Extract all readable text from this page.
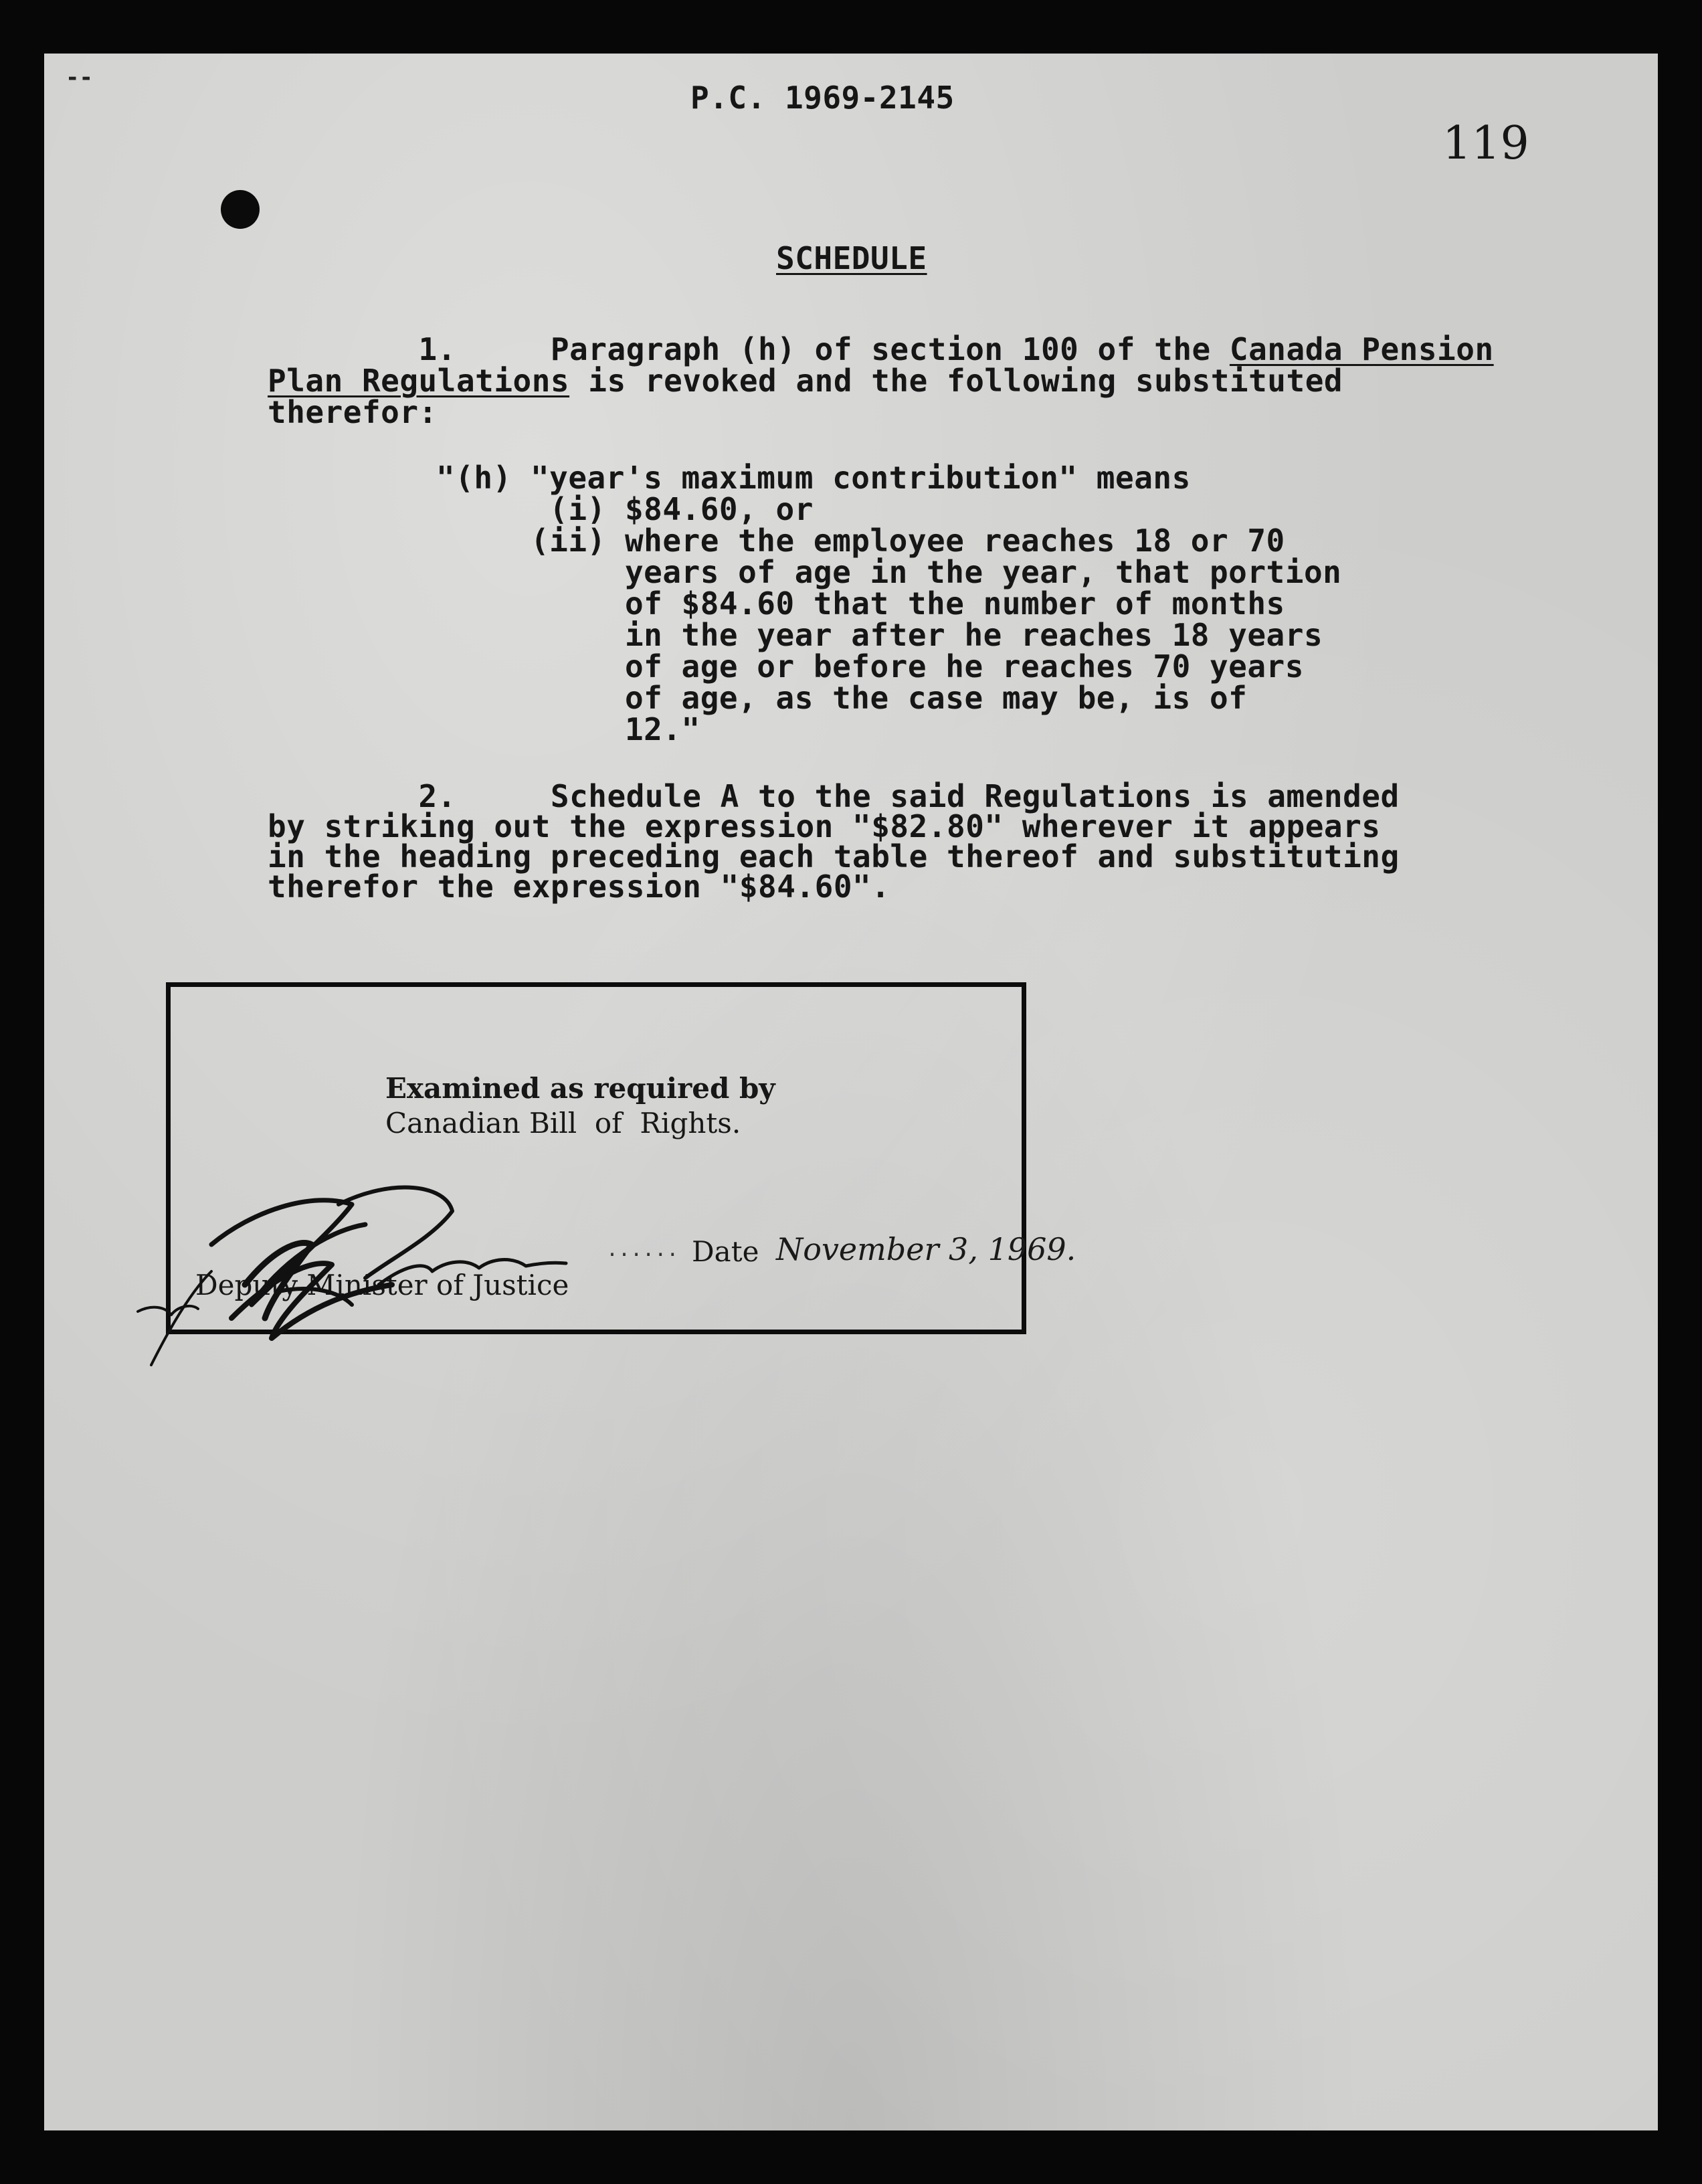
--
P.C. 1969-2145
119
SCHEDULE
1.     Paragraph (h) of section 100 of the Canada Pension
Plan Regulations is revoked and the following substituted
therefor:
"(h) "year's maximum contribution" means
(i) $84.60, or
(ii) where the employee reaches 18 or 70
years of age in the year, that portion
of $84.60 that the number of months
in the year after he reaches 18 years
of age or before he reaches 70 years
of age, as the case may be, is of
12."
2.     Schedule A to the said Regulations is amended
by striking out the expression "$82.80" wherever it appears
in the heading preceding each table thereof and substituting
therefor the expression "$84.60".
Examined as required by
Canadian Bill  of  Rights.
......
Deputy Minister of Justice
Date November 3, 1969.
